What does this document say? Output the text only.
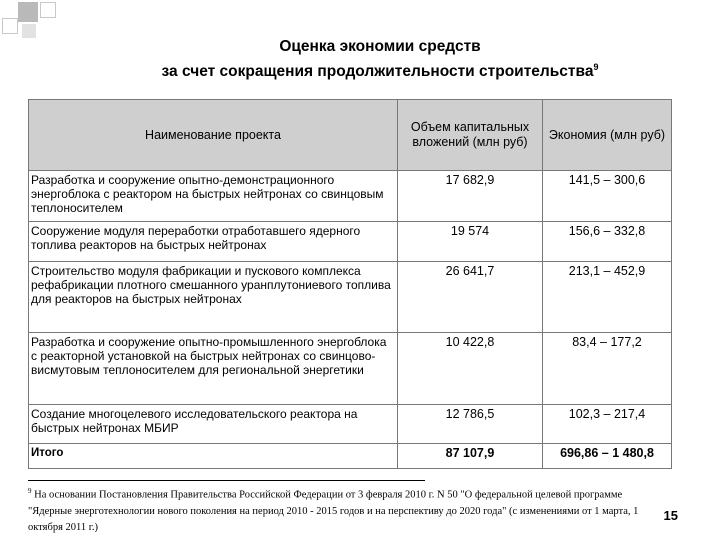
Оценка экономии средств
за счет сокращения продолжительности строительства$^9$
Наименование проекта	Объем капитальных вложений (млн руб)	Экономия (млн руб)
Разработка и сооружение опытно-демонстрационного энергоблока с реактором на быстрых нейтронах со свинцовым теплоносителем	17 682,9	141,5 – 300,6
Сооружение модуля переработки отработавшего ядерного топлива реакторов на быстрых нейтронах	19 574	156,6 – 332,8
Строительство модуля фабрикации и пускового комплекса рефабрикации плотного смешанного уранплутониевого топлива для реакторов на быстрых нейтронах	26 641,7	213,1 – 452,9
Разработка и сооружение опытно-промышленного энергоблока с реакторной установкой на быстрых нейтронах со свинцово-висмутовым теплоносителем для региональной энергетики	10 422,8	83,4 – 177,2
Создание многоцелевого исследовательского реактора на быстрых нейтронах МБИР	12 786,5	102,3 – 217,4
Итого	87 107,9	696,86 – 1 480,8
$^9$ На основании Постановления Правительства Российской Федерации от 3 февраля 2010 г. N 50 "О федеральной целевой программе "Ядерные энерготехнологии нового поколения на период 2010 - 2015 годов и на перспективу до 2020 года" (с изменениями от 1 марта, 1 октября 2011 г.)
15
